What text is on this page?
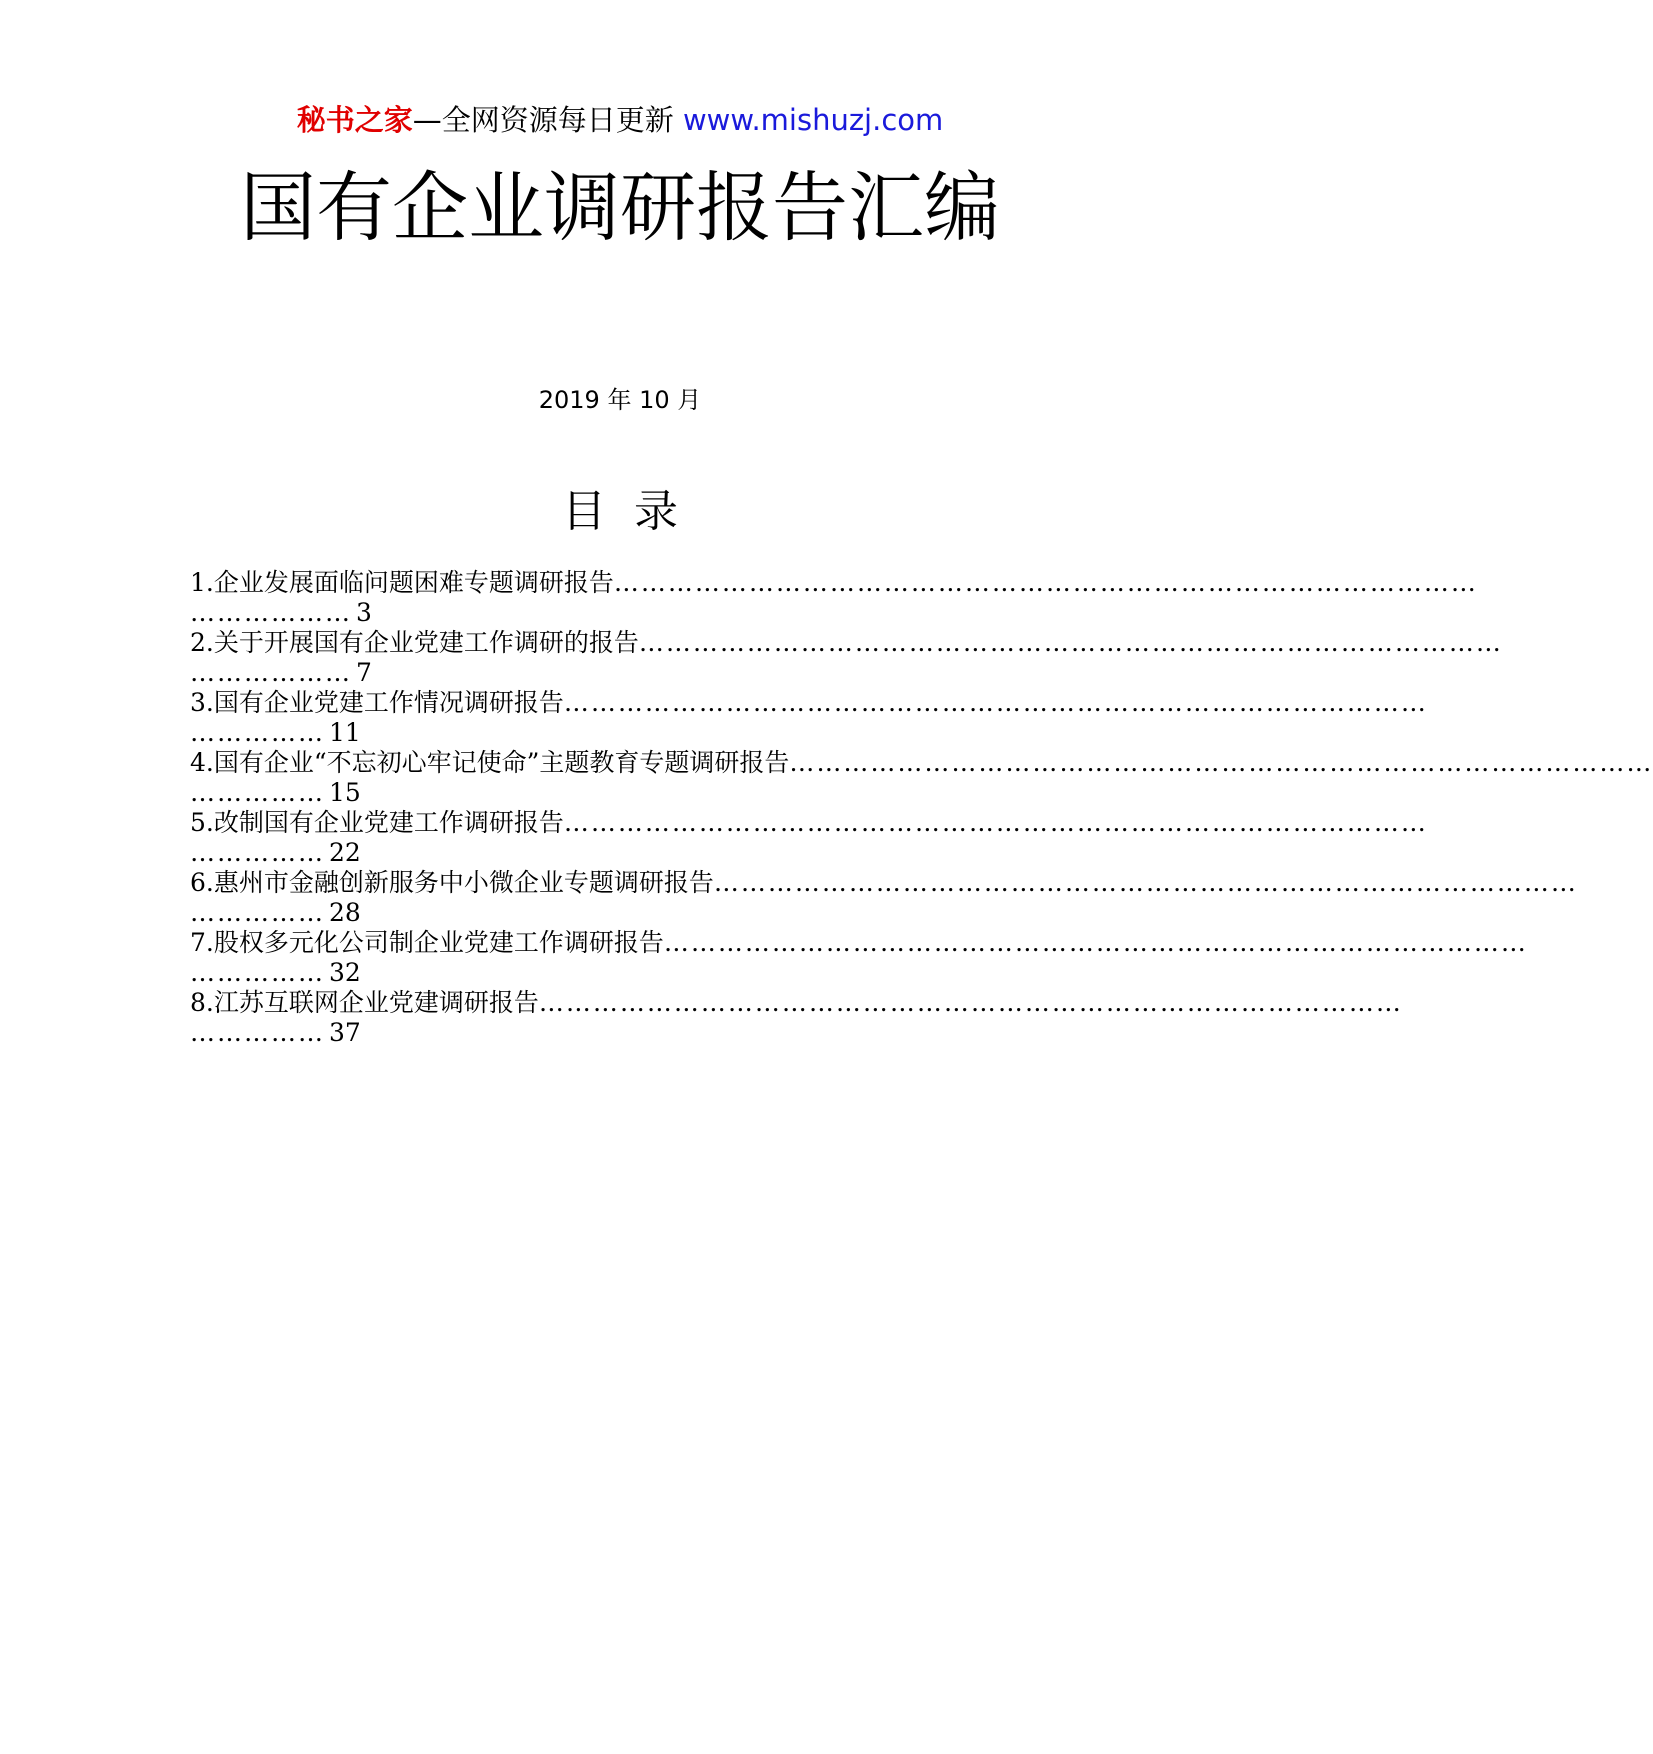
秘书之家—全网资源每日更新 www.mishuzj.com
国有企业调研报告汇编
2019 年 10 月
目录
1.企业发展面临问题困难专题调研报告 ……………………………………………………………………………………
……………… 3
2.关于开展国有企业党建工作调研的报告 ……………………………………………………………………………………
……………… 7
3.国有企业党建工作情况调研报告 ……………………………………………………………………………………
…………… 11
4.国有企业“不忘初心牢记使命”主题教育专题调研报告 ……………………………………………………………………………………
…………… 15
5.改制国有企业党建工作调研报告 ……………………………………………………………………………………
…………… 22
6.惠州市金融创新服务中小微企业专题调研报告 ……………………………………………………………………………………
…………… 28
7.股权多元化公司制企业党建工作调研报告 ……………………………………………………………………………………
…………… 32
8.江苏互联网企业党建调研报告 ……………………………………………………………………………………
…………… 37
